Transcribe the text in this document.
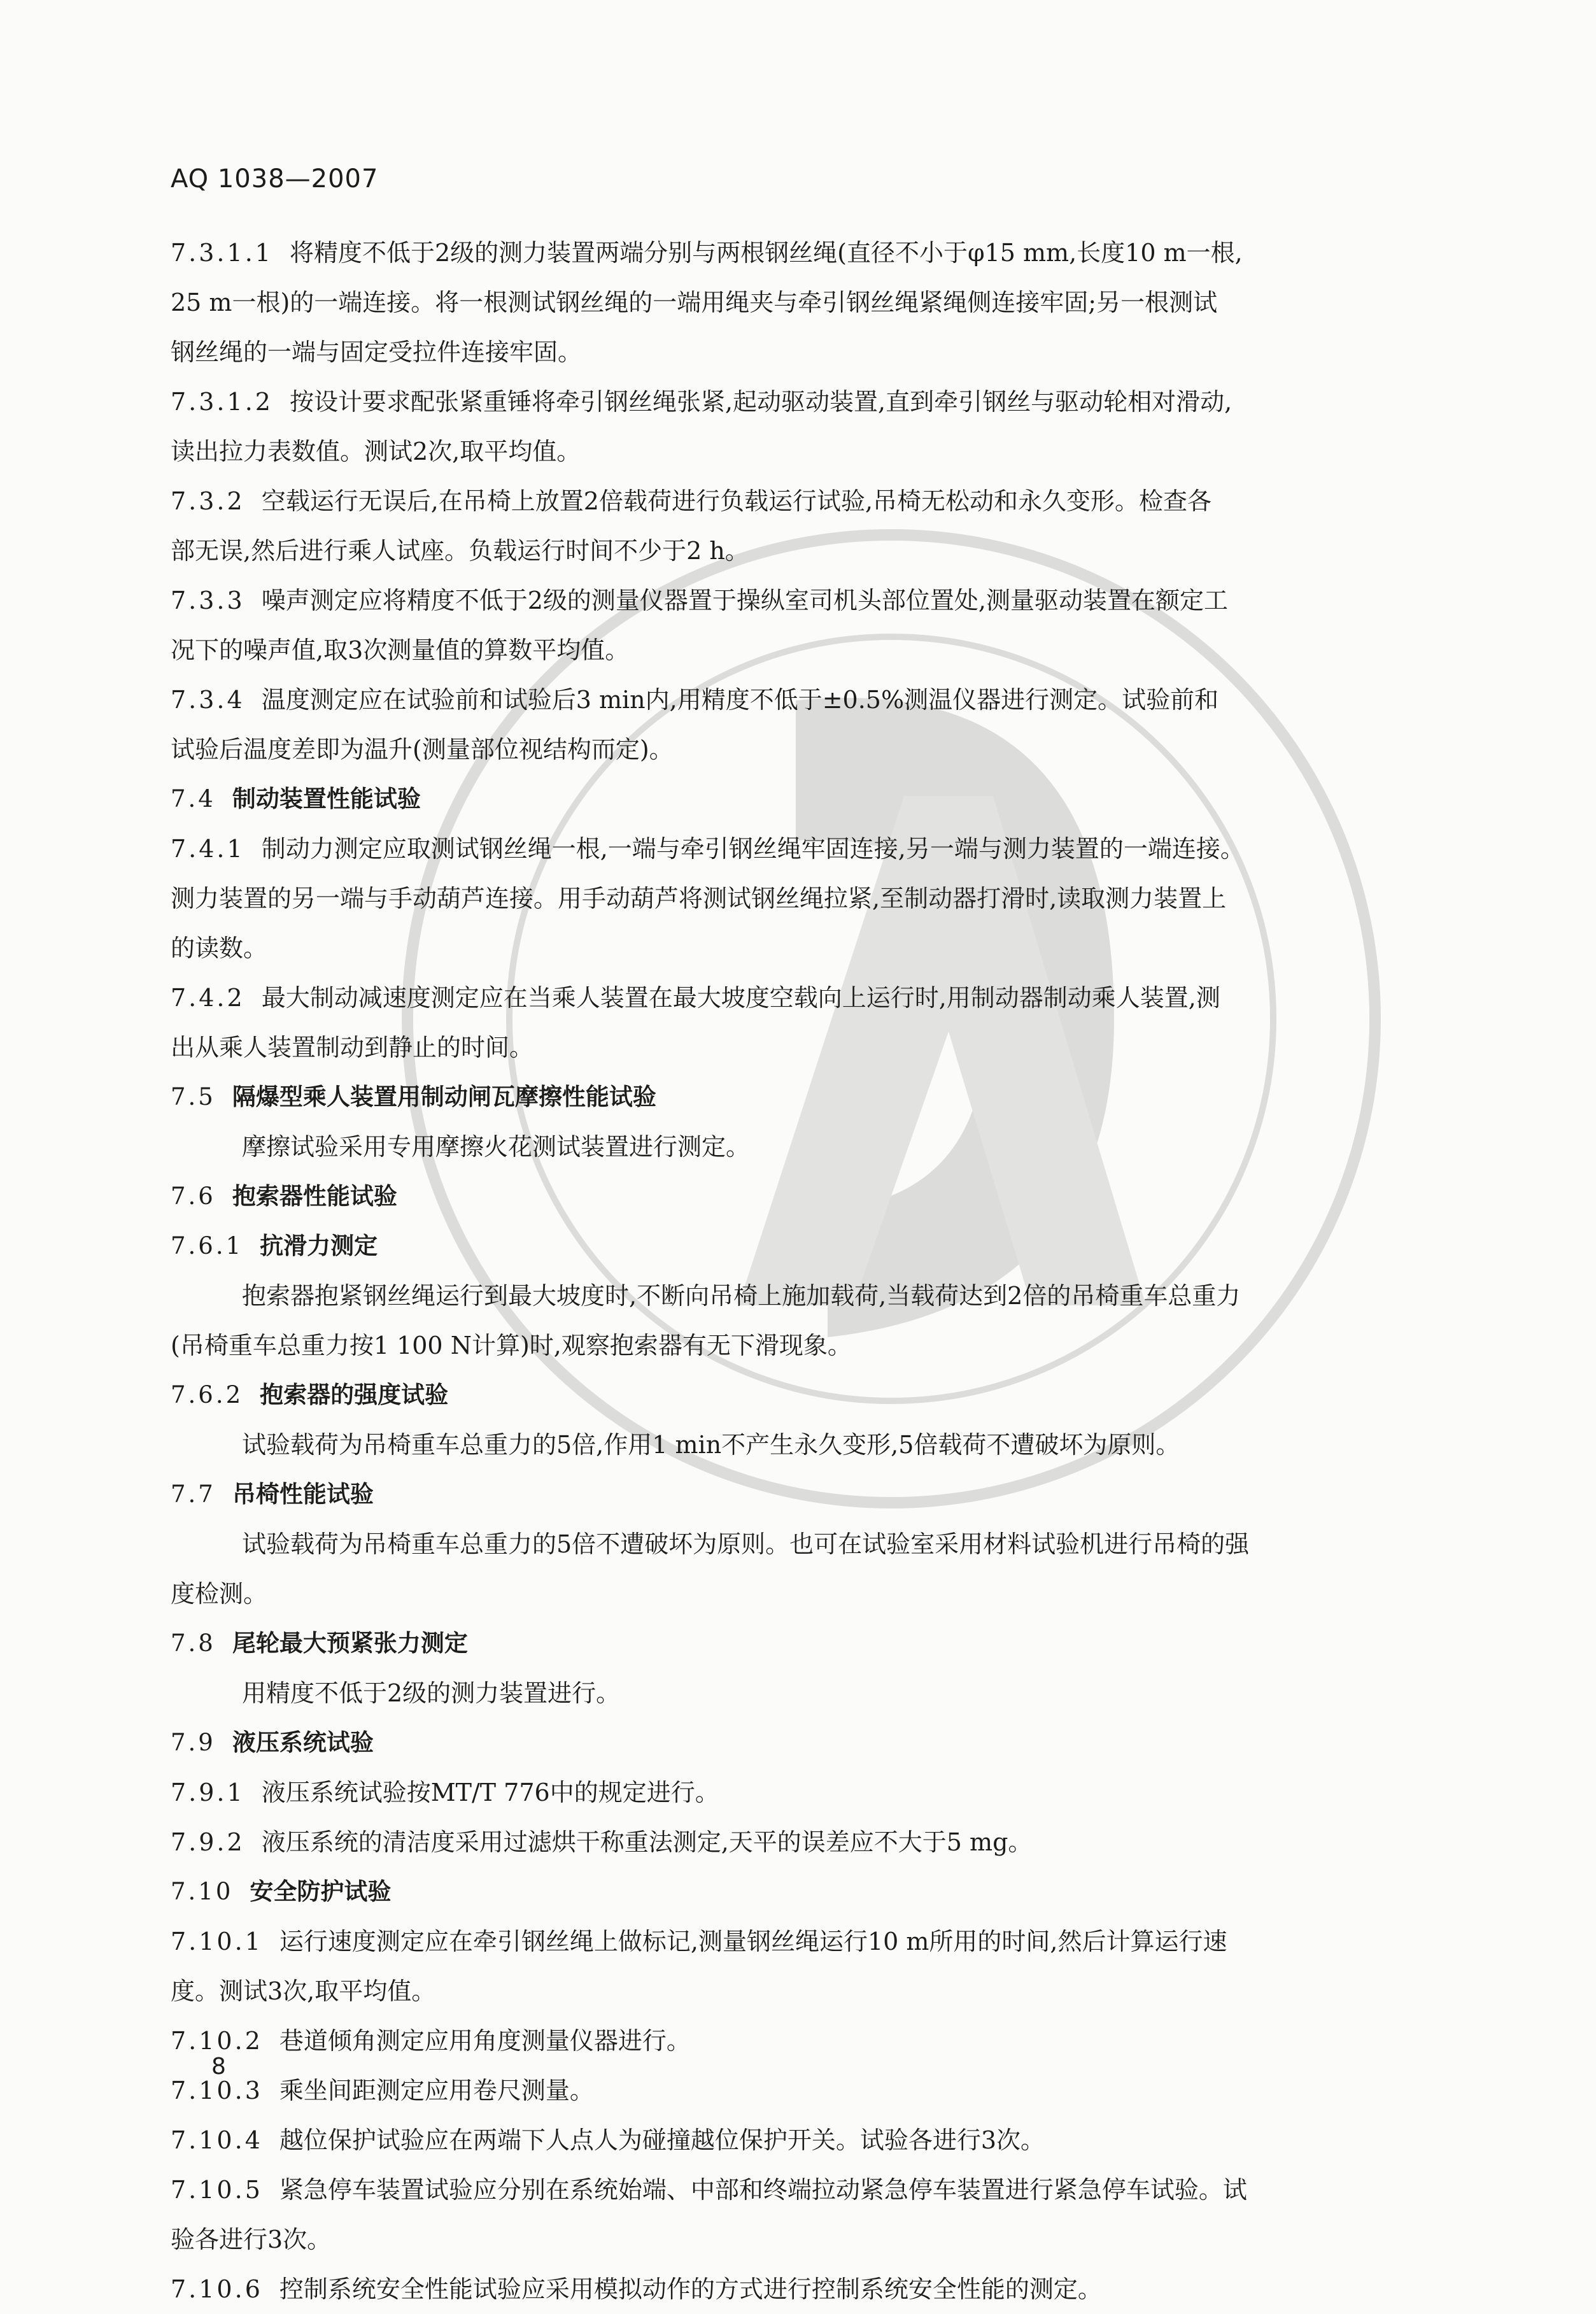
AQ 1038—2007
7.3.1.1 将精度不低于2级的测力装置两端分别与两根钢丝绳(直径不小于φ15 mm,长度10 m一根,
25 m一根)的一端连接。将一根测试钢丝绳的一端用绳夹与牵引钢丝绳紧绳侧连接牢固;另一根测试
钢丝绳的一端与固定受拉件连接牢固。
7.3.1.2 按设计要求配张紧重锤将牵引钢丝绳张紧,起动驱动装置,直到牵引钢丝与驱动轮相对滑动,
读出拉力表数值。测试2次,取平均值。
7.3.2 空载运行无误后,在吊椅上放置2倍载荷进行负载运行试验,吊椅无松动和永久变形。检查各
部无误,然后进行乘人试座。负载运行时间不少于2 h。
7.3.3 噪声测定应将精度不低于2级的测量仪器置于操纵室司机头部位置处,测量驱动装置在额定工
况下的噪声值,取3次测量值的算数平均值。
7.3.4 温度测定应在试验前和试验后3 min内,用精度不低于±0.5%测温仪器进行测定。试验前和
试验后温度差即为温升(测量部位视结构而定)。
7.4 制动装置性能试验
7.4.1 制动力测定应取测试钢丝绳一根,一端与牵引钢丝绳牢固连接,另一端与测力装置的一端连接。
测力装置的另一端与手动葫芦连接。用手动葫芦将测试钢丝绳拉紧,至制动器打滑时,读取测力装置上
的读数。
7.4.2 最大制动减速度测定应在当乘人装置在最大坡度空载向上运行时,用制动器制动乘人装置,测
出从乘人装置制动到静止的时间。
7.5 隔爆型乘人装置用制动闸瓦摩擦性能试验
摩擦试验采用专用摩擦火花测试装置进行测定。
7.6 抱索器性能试验
7.6.1 抗滑力测定
抱索器抱紧钢丝绳运行到最大坡度时,不断向吊椅上施加载荷,当载荷达到2倍的吊椅重车总重力
(吊椅重车总重力按1 100 N计算)时,观察抱索器有无下滑现象。
7.6.2 抱索器的强度试验
试验载荷为吊椅重车总重力的5倍,作用1 min不产生永久变形,5倍载荷不遭破坏为原则。
7.7 吊椅性能试验
试验载荷为吊椅重车总重力的5倍不遭破坏为原则。也可在试验室采用材料试验机进行吊椅的强
度检测。
7.8 尾轮最大预紧张力测定
用精度不低于2级的测力装置进行。
7.9 液压系统试验
7.9.1 液压系统试验按MT/T 776中的规定进行。
7.9.2 液压系统的清洁度采用过滤烘干称重法测定,天平的误差应不大于5 mg。
7.10 安全防护试验
7.10.1 运行速度测定应在牵引钢丝绳上做标记,测量钢丝绳运行10 m所用的时间,然后计算运行速
度。测试3次,取平均值。
7.10.2 巷道倾角测定应用角度测量仪器进行。
7.10.3 乘坐间距测定应用卷尺测量。
7.10.4 越位保护试验应在两端下人点人为碰撞越位保护开关。试验各进行3次。
7.10.5 紧急停车装置试验应分别在系统始端、中部和终端拉动紧急停车装置进行紧急停车试验。试
验各进行3次。
7.10.6 控制系统安全性能试验应采用模拟动作的方式进行控制系统安全性能的测定。
8
